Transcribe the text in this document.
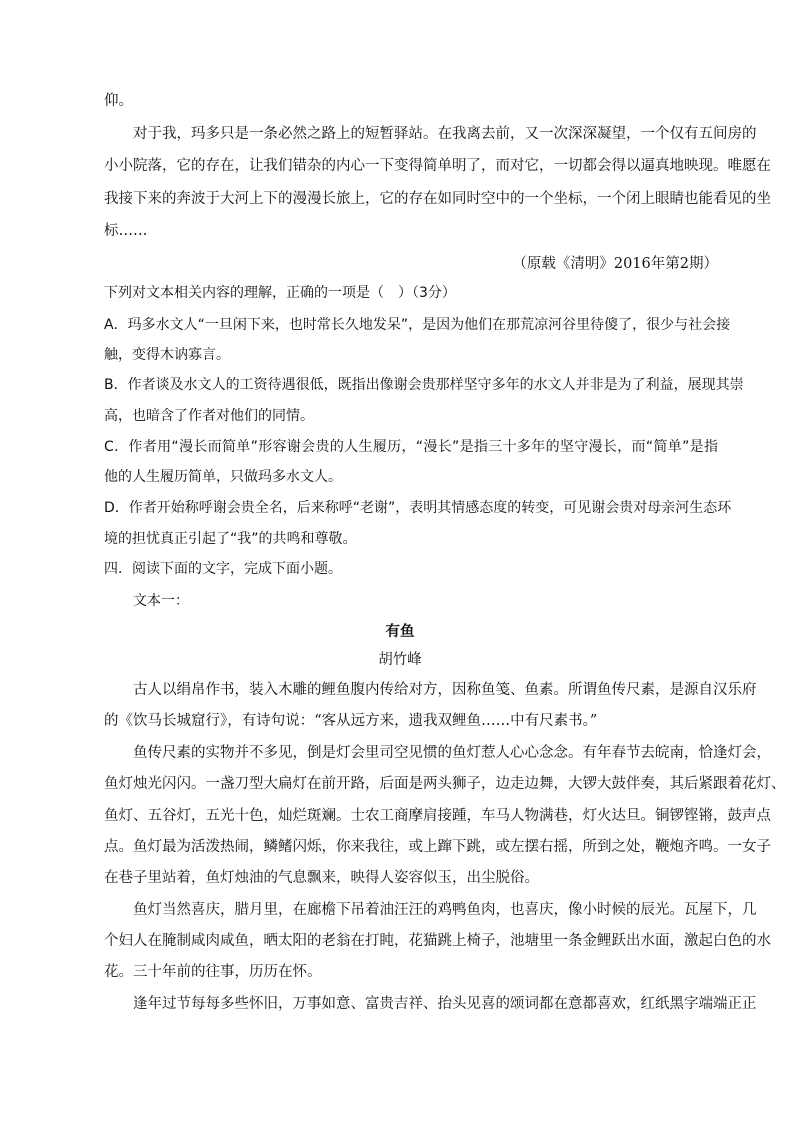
仰。
对于我，玛多只是一条必然之路上的短暂驿站。在我离去前，又一次深深凝望，一个仅有五间房的
小小院落，它的存在，让我们错杂的内心一下变得简单明了，而对它，一切都会得以逼真地映现。唯愿在
我接下来的奔波于大河上下的漫漫长旅上，它的存在如同时空中的一个坐标，一个闭上眼睛也能看见的坐
标……
（原载《清明》2016年第2期）
下列对文本相关内容的理解，正确的一项是（　）（3分）
A．玛多水文人“一旦闲下来，也时常长久地发呆”，是因为他们在那荒凉河谷里待傻了，很少与社会接
触，变得木讷寡言。
B．作者谈及水文人的工资待遇很低，既指出像谢会贵那样坚守多年的水文人并非是为了利益，展现其崇
高，也暗含了作者对他们的同情。
C．作者用“漫长而简单”形容谢会贵的人生履历，“漫长”是指三十多年的坚守漫长，而“简单”是指
他的人生履历简单，只做玛多水文人。
D．作者开始称呼谢会贵全名，后来称呼“老谢”，表明其情感态度的转变，可见谢会贵对母亲河生态环
境的担忧真正引起了“我”的共鸣和尊敬。
四．阅读下面的文字，完成下面小题。
文本一：
有鱼
胡竹峰
古人以绢帛作书，装入木雕的鲤鱼腹内传给对方，因称鱼笺、鱼素。所谓鱼传尺素，是源自汉乐府
的《饮马长城窟行》，有诗句说：“客从远方来，遗我双鲤鱼……中有尺素书。”
鱼传尺素的实物并不多见，倒是灯会里司空见惯的鱼灯惹人心心念念。有年春节去皖南，恰逢灯会，
鱼灯烛光闪闪。一盏刀型大扁灯在前开路，后面是两头狮子，边走边舞，大锣大鼓伴奏，其后紧跟着花灯、
鱼灯、五谷灯，五光十色，灿烂斑斓。士农工商摩肩接踵，车马人物满巷，灯火达旦。铜锣铿锵，鼓声点
点。鱼灯最为活泼热闹，鳞鳍闪烁，你来我往，或上蹿下跳，或左摆右摇，所到之处，鞭炮齐鸣。一女子
在巷子里站着，鱼灯烛油的气息飘来，映得人姿容似玉，出尘脱俗。
鱼灯当然喜庆，腊月里，在廊檐下吊着油汪汪的鸡鸭鱼肉，也喜庆，像小时候的辰光。瓦屋下，几
个妇人在腌制咸肉咸鱼，晒太阳的老翁在打盹，花猫跳上椅子，池塘里一条金鲤跃出水面，激起白色的水
花。三十年前的往事，历历在怀。
逢年过节每每多些怀旧，万事如意、富贵吉祥、抬头见喜的颂词都在意都喜欢，红纸黑字端端正正
